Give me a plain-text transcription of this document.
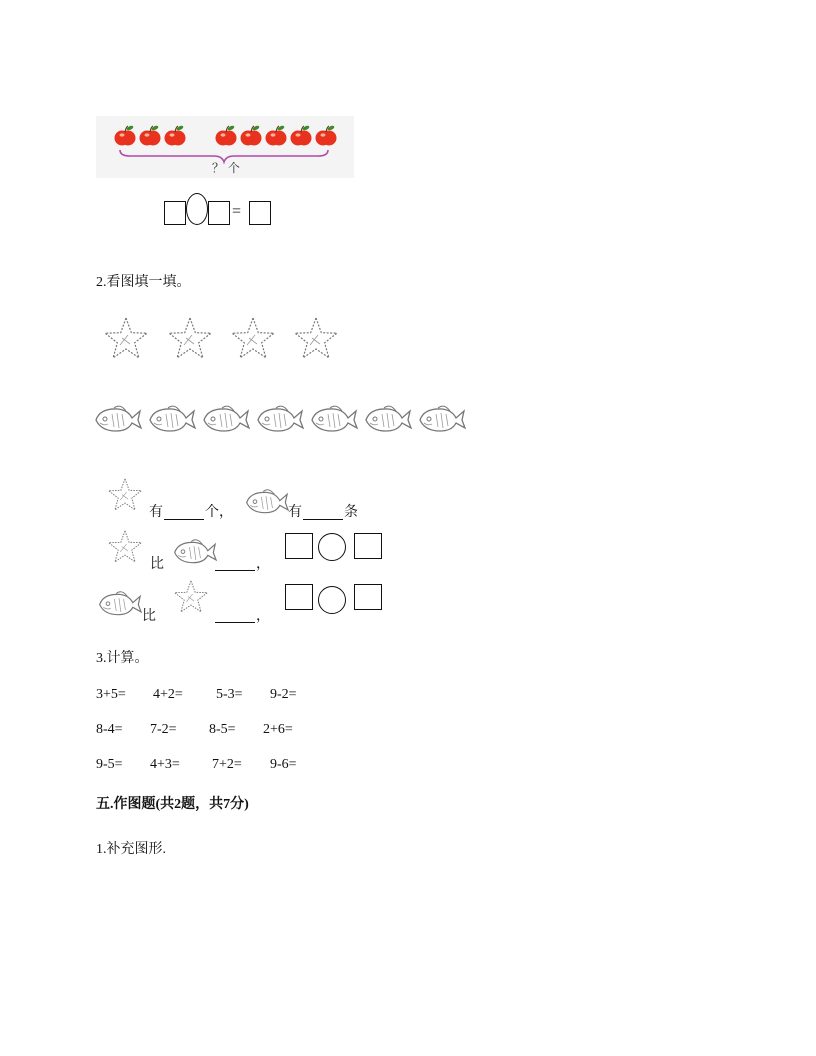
？ 个
=
2.看图填一填。
有	个，	有	条
比	，
比	，
3.计算。
3+5= 4+2= 5-3= 9-2=
8-4= 7-2= 8-5= 2+6=
9-5= 4+3= 7+2= 9-6=
五.作图题(共2题，共7分)
1.补充图形.
